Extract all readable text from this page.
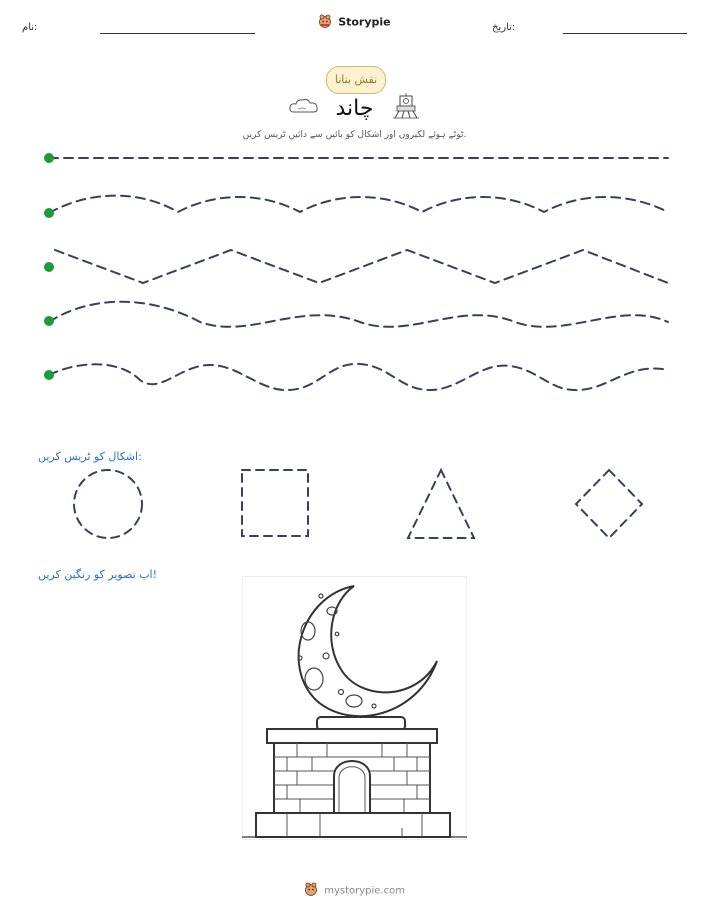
نام:	Storypie	تاریخ:
نقش بنانا
چاند
ٹوٹے ہوئے لکیروں اور اشکال کو بائیں سے دائیں ٹریس کریں.
اشکال کو ٹریس کریں:
اب تصویر کو رنگین کریں!
mystorypie.com
